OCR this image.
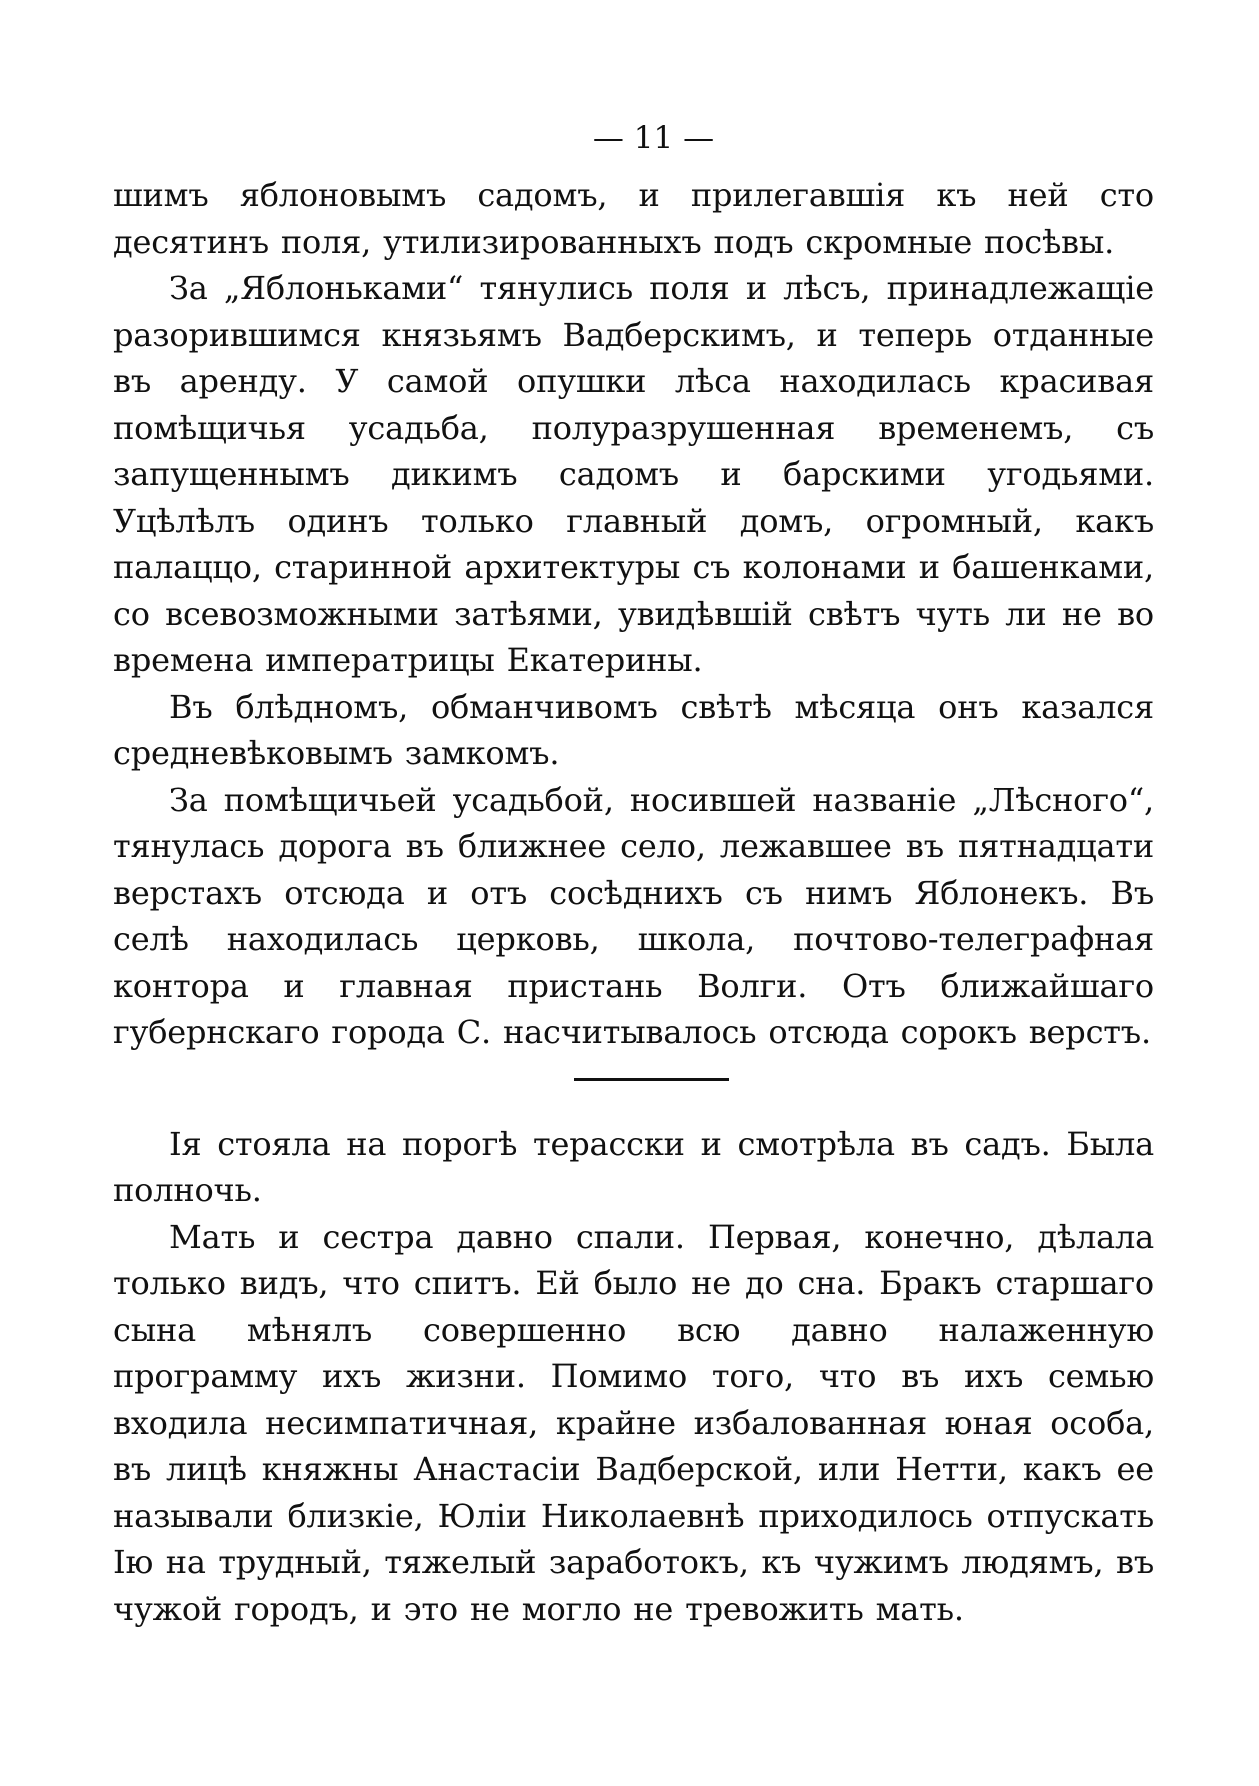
— 11 —

шимъ яблоновымъ садомъ, и прилегавшія къ ней сто десятинъ поля, утилизированныхъ подъ скромные посѣвы.

За „Яблоньками“ тянулись поля и лѣсъ, принадлежащіе разорившимся князьямъ Вадберскимъ, и теперь отданные въ аренду. У самой опушки лѣса находилась красивая помѣщичья усадьба, полуразрушенная временемъ, съ запущеннымъ дикимъ садомъ и барскими угодьями. Уцѣлѣлъ одинъ только главный домъ, огромный, какъ палаццо, старинной архитектуры съ колонами и башенками, со всевозможными затѣями, увидѣвшій свѣтъ чуть ли не во времена императрицы Екатерины.

Въ блѣдномъ, обманчивомъ свѣтѣ мѣсяца онъ казался средневѣковымъ замкомъ.

За помѣщичьей усадьбой, носившей названіе „Лѣсного“, тянулась дорога въ ближнее село, лежавшее въ пятнадцати верстахъ отсюда и отъ сосѣднихъ съ нимъ Яблонекъ. Въ селѣ находилась церковь, школа, почтово-телеграфная контора и главная пристань Волги. Отъ ближайшаго губернскаго города С. насчитывалось отсюда сорокъ верстъ.

Ія стояла на порогѣ терасски и смотрѣла въ садъ. Была полночь.

Мать и сестра давно спали. Первая, конечно, дѣлала только видъ, что спитъ. Ей было не до сна. Бракъ старшаго сына мѣнялъ совершенно всю давно налаженную программу ихъ жизни. Помимо того, что въ ихъ семью входила несимпатичная, крайне избалованная юная особа, въ лицѣ княжны Анастасіи Вадберской, или Нетти, какъ ее называли близкіе, Юліи Николаевнѣ приходилось отпускать Ію на трудный, тяжелый заработокъ, къ чужимъ людямъ, въ чужой городъ, и это не могло не тревожить мать.
